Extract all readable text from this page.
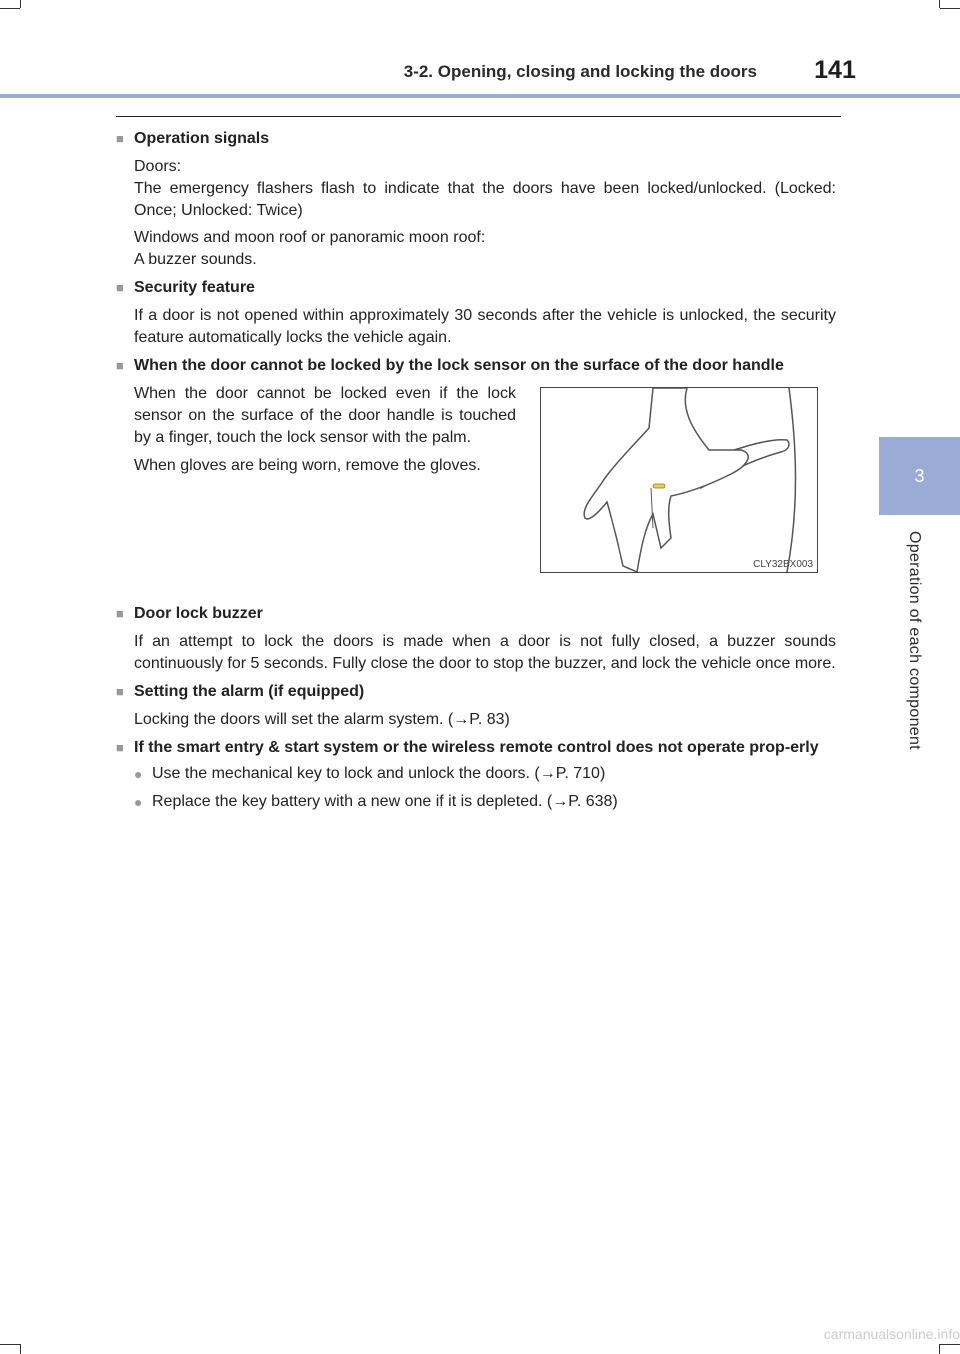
3-2. Opening, closing and locking the doors	141
3
Operation of each component
■ Operation signals

Doors:

The emergency flashers flash to indicate that the doors have been locked/unlocked. (Locked: Once; Unlocked: Twice)

Windows and moon roof or panoramic moon roof:

A buzzer sounds.

■ Security feature

If a door is not opened within approximately 30 seconds after the vehicle is unlocked, the security feature automatically locks the vehicle again.

■ When the door cannot be locked by the lock sensor on the surface of the door handle

When the door cannot be locked even if the lock sensor on the surface of the door handle is touched by a finger, touch the lock sensor with the palm.

When gloves are being worn, remove the gloves.

CLY32BX003
■ Door lock buzzer

If an attempt to lock the doors is made when a door is not fully closed, a buzzer sounds continuously for 5 seconds. Fully close the door to stop the buzzer, and lock the vehicle once more.

■ Setting the alarm (if equipped)

Locking the doors will set the alarm system. (→P. 83)

■ If the smart entry & start system or the wireless remote control does not operate prop-erly
● Use the mechanical key to lock and unlock the doors. (→P. 710)
● Replace the key battery with a new one if it is depleted. (→P. 638)
carmanualsonline.info
